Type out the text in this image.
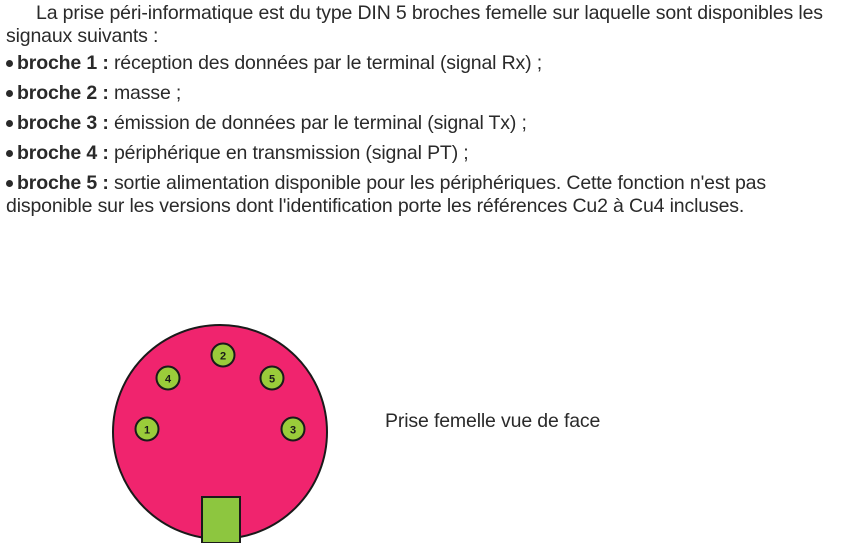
La prise péri-informatique est du type DIN 5 broches femelle sur laquelle sont disponibles les signaux suivants :

broche 1 : réception des données par le terminal (signal Rx) ;
broche 2 : masse ;
broche 3 : émission de données par le terminal (signal Tx) ;
broche 4 : périphérique en transmission (signal PT) ;
broche 5 : sortie alimentation disponible pour les périphériques. Cette fonction n'est pas disponible sur les versions dont l'identification porte les références Cu2 à Cu4 incluses.
2
4	5
1	3	Prise femelle vue de face
